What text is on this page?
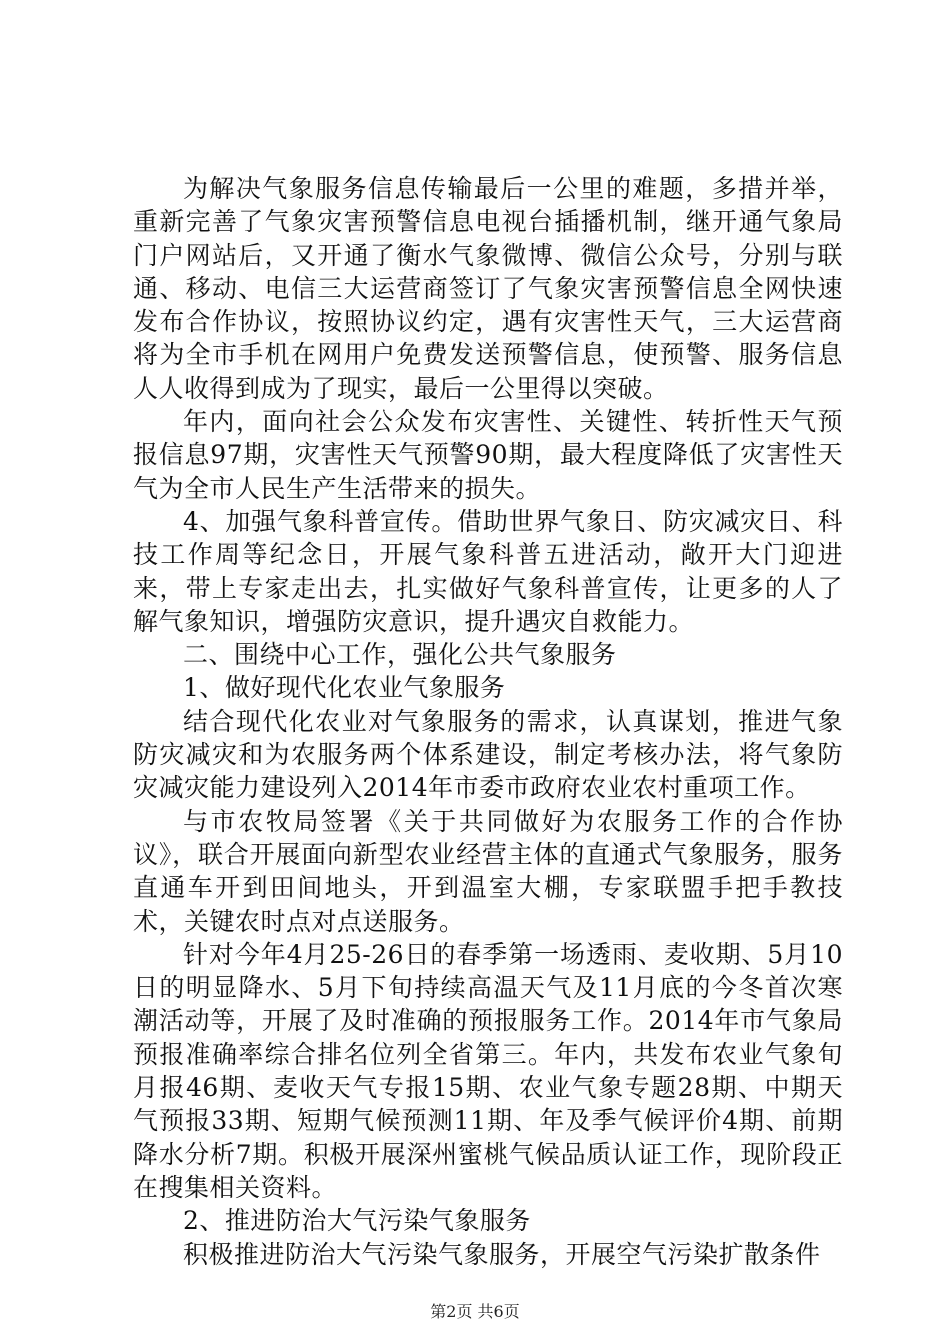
为解决气象服务信息传输最后一公里的难题，多措并举，重新完善了气象灾害预警信息电视台插播机制，继开通气象局门户网站后，又开通了衡水气象微博、微信公众号，分别与联通、移动、电信三大运营商签订了气象灾害预警信息全网快速发布合作协议，按照协议约定，遇有灾害性天气，三大运营商将为全市手机在网用户免费发送预警信息，使预警、服务信息人人收得到成为了现实，最后一公里得以突破。

年内，面向社会公众发布灾害性、关键性、转折性天气预报信息97期，灾害性天气预警90期，最大程度降低了灾害性天气为全市人民生产生活带来的损失。

4、加强气象科普宣传。借助世界气象日、防灾减灾日、科技工作周等纪念日，开展气象科普五进活动，敞开大门迎进来，带上专家走出去，扎实做好气象科普宣传，让更多的人了解气象知识，增强防灾意识，提升遇灾自救能力。

二、围绕中心工作，强化公共气象服务

1、做好现代化农业气象服务

结合现代化农业对气象服务的需求，认真谋划，推进气象防灾减灾和为农服务两个体系建设，制定考核办法，将气象防灾减灾能力建设列入2014年市委市政府农业农村重项工作。

与市农牧局签署《关于共同做好为农服务工作的合作协议》，联合开展面向新型农业经营主体的直通式气象服务，服务直通车开到田间地头，开到温室大棚，专家联盟手把手教技术，关键农时点对点送服务。

针对今年4月25-26日的春季第一场透雨、麦收期、5月10日的明显降水、5月下旬持续高温天气及11月底的今冬首次寒潮活动等，开展了及时准确的预报服务工作。2014年市气象局预报准确率综合排名位列全省第三。年内，共发布农业气象旬月报46期、麦收天气专报15期、农业气象专题28期、中期天气预报33期、短期气候预测11期、年及季气候评价4期、前期降水分析7期。积极开展深州蜜桃气候品质认证工作，现阶段正在搜集相关资料。

2、推进防治大气污染气象服务

积极推进防治大气污染气象服务，开展空气污染扩散条件

第2页 共6页
